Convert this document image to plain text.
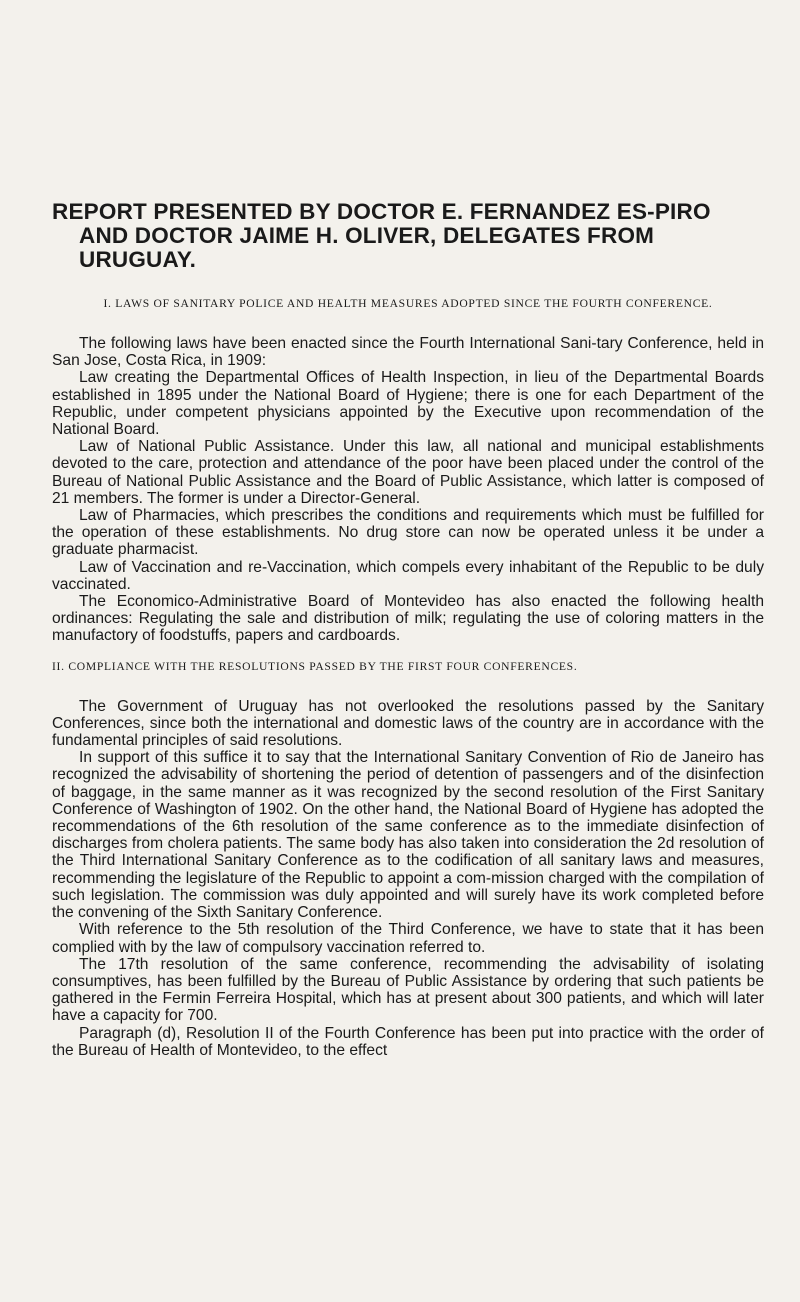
REPORT PRESENTED BY DOCTOR E. FERNANDEZ ES-PIRO AND DOCTOR JAIME H. OLIVER, DELEGATES FROM URUGUAY.
I. LAWS OF SANITARY POLICE AND HEALTH MEASURES ADOPTED SINCE THE FOURTH CONFERENCE.

The following laws have been enacted since the Fourth International Sani-tary Conference, held in San Jose, Costa Rica, in 1909:

Law creating the Departmental Offices of Health Inspection, in lieu of the Departmental Boards established in 1895 under the National Board of Hygiene; there is one for each Department of the Republic, under competent physicians appointed by the Executive upon recommendation of the National Board.

Law of National Public Assistance. Under this law, all national and municipal establishments devoted to the care, protection and attendance of the poor have been placed under the control of the Bureau of National Public Assistance and the Board of Public Assistance, which latter is composed of 21 members. The former is under a Director-General.

Law of Pharmacies, which prescribes the conditions and requirements which must be fulfilled for the operation of these establishments. No drug store can now be operated unless it be under a graduate pharmacist.

Law of Vaccination and re-Vaccination, which compels every inhabitant of the Republic to be duly vaccinated.

The Economico-Administrative Board of Montevideo has also enacted the following health ordinances: Regulating the sale and distribution of milk; regulating the use of coloring matters in the manufactory of foodstuffs, papers and cardboards.

II. COMPLIANCE WITH THE RESOLUTIONS PASSED BY THE FIRST FOUR CONFERENCES.

The Government of Uruguay has not overlooked the resolutions passed by the Sanitary Conferences, since both the international and domestic laws of the country are in accordance with the fundamental principles of said resolutions.

In support of this suffice it to say that the International Sanitary Convention of Rio de Janeiro has recognized the advisability of shortening the period of detention of passengers and of the disinfection of baggage, in the same manner as it was recognized by the second resolution of the First Sanitary Conference of Washington of 1902. On the other hand, the National Board of Hygiene has adopted the recommendations of the 6th resolution of the same conference as to the immediate disinfection of discharges from cholera patients. The same body has also taken into consideration the 2d resolution of the Third International Sanitary Conference as to the codification of all sanitary laws and measures, recommending the legislature of the Republic to appoint a com-mission charged with the compilation of such legislation. The commission was duly appointed and will surely have its work completed before the convening of the Sixth Sanitary Conference.

With reference to the 5th resolution of the Third Conference, we have to state that it has been complied with by the law of compulsory vaccination referred to.

The 17th resolution of the same conference, recommending the advisability of isolating consumptives, has been fulfilled by the Bureau of Public Assistance by ordering that such patients be gathered in the Fermin Ferreira Hospital, which has at present about 300 patients, and which will later have a capacity for 700.

Paragraph (d), Resolution II of the Fourth Conference has been put into practice with the order of the Bureau of Health of Montevideo, to the effect
